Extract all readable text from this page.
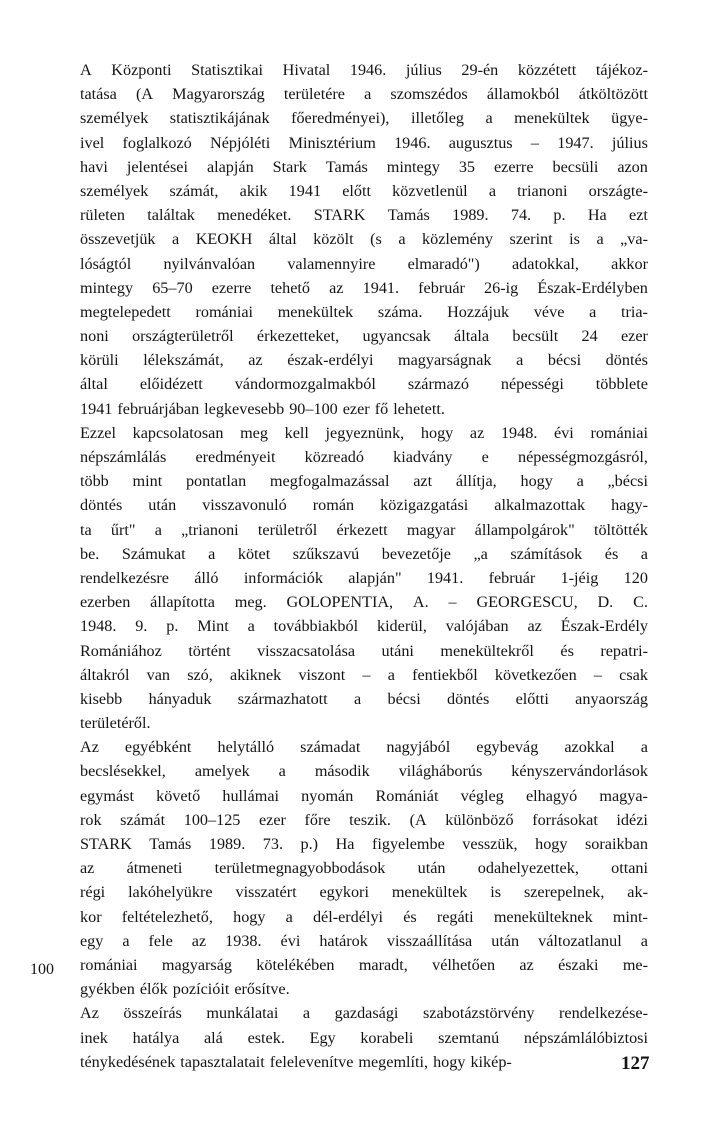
A Központi Statisztikai Hivatal 1946. július 29-én közzétett tájékoz-
tatása (A Magyarország területére a szomszédos államokból átköltözött
személyek statisztikájának főeredményei), illetőleg a menekültek ügye-
ivel foglalkozó Népjóléti Minisztérium 1946. augusztus – 1947. július
havi jelentései alapján Stark Tamás mintegy 35 ezerre becsüli azon
személyek számát, akik 1941 előtt közvetlenül a trianoni országte-
rületen találtak menedéket. STARK Tamás 1989. 74. p. Ha ezt
összevetjük a KEOKH által közölt (s a közlemény szerint is a „va-
lóságtól nyilvánvalóan valamennyire elmaradó") adatokkal, akkor
mintegy 65–70 ezerre tehető az 1941. február 26-ig Észak-Erdélyben
megtelepedett romániai menekültek száma. Hozzájuk véve a tria-
noni országterületről érkezetteket, ugyancsak általa becsült 24 ezer
körüli lélekszámát, az észak-erdélyi magyarságnak a bécsi döntés
által előidézett vándormozgalmakból származó népességi többlete
1941 februárjában legkevesebb 90–100 ezer fő lehetett.
Ezzel kapcsolatosan meg kell jegyeznünk, hogy az 1948. évi romániai
népszámlálás eredményeit közreadó kiadvány e népességmozgásról,
több mint pontatlan megfogalmazással azt állítja, hogy a „bécsi
döntés után visszavonuló román közigazgatási alkalmazottak hagy-
ta űrt" a „trianoni területről érkezett magyar állampolgárok" töltötték
be. Számukat a kötet szűkszavú bevezetője „a számítások és a
rendelkezésre álló információk alapján" 1941. február 1-jéig 120
ezerben állapította meg. GOLOPENTIA, A. – GEORGESCU, D. C.
1948. 9. p. Mint a továbbiakból kiderül, valójában az Észak-Erdély
Romániához történt visszacsatolása utáni menekültekről és repatri-
áltakról van szó, akiknek viszont – a fentiekből következően – csak
kisebb hányaduk származhatott a bécsi döntés előtti anyaország
területéről.
Az egyébként helytálló számadat nagyjából egybevág azokkal a
becslésekkel, amelyek a második világháborús kényszervándorlások
egymást követő hullámai nyomán Romániát végleg elhagyó magya-
rok számát 100–125 ezer főre teszik. (A különböző forrásokat idézi
STARK Tamás 1989. 73. p.) Ha figyelembe vesszük, hogy soraikban
az átmeneti területmegnagyobbodások után odahelyezettek, ottani
régi lakóhelyükre visszatért egykori menekültek is szerepelnek, ak-
kor feltételezhető, hogy a dél-erdélyi és regáti menekülteknek mint-
egy a fele az 1938. évi határok visszaállítása után változatlanul a
romániai magyarság kötelékében maradt, vélhetően az északi me-
gyékben élők pozícióit erősítve.
Az összeírás munkálatai a gazdasági szabotázstörvény rendelkezése-
inek hatálya alá estek. Egy korabeli szemtanú népszámlálóbiztosi
ténykedésének tapasztalatait felelevenítve megemlíti, hogy kikép-
100
127
